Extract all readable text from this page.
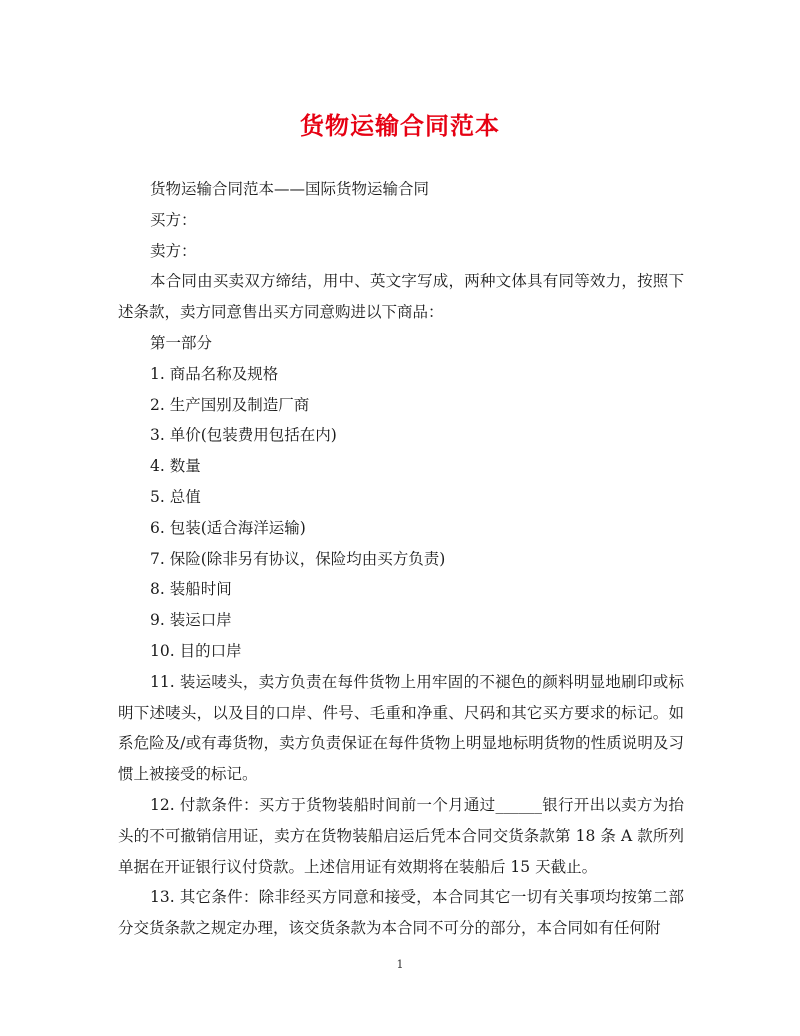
货物运输合同范本

货物运输合同范本——国际货物运输合同

买方：

卖方：

本合同由买卖双方缔结，用中、英文字写成，两种文体具有同等效力，按照下述条款，卖方同意售出买方同意购进以下商品：

第一部分

1. 商品名称及规格

2. 生产国别及制造厂商

3. 单价(包装费用包括在内)

4. 数量

5. 总值

6. 包装(适合海洋运输)

7. 保险(除非另有协议，保险均由买方负责)

8. 装船时间

9. 装运口岸

10. 目的口岸

11. 装运唛头，卖方负责在每件货物上用牢固的不褪色的颜料明显地刷印或标明下述唛头，以及目的口岸、件号、毛重和净重、尺码和其它买方要求的标记。如系危险及/或有毒货物，卖方负责保证在每件货物上明显地标明货物的性质说明及习惯上被接受的标记。

12. 付款条件：买方于货物装船时间前一个月通过______银行开出以卖方为抬头的不可撤销信用证，卖方在货物装船启运后凭本合同交货条款第 18 条 A 款所列单据在开证银行议付贷款。上述信用证有效期将在装船后 15 天截止。

13. 其它条件：除非经买方同意和接受，本合同其它一切有关事项均按第二部分交货条款之规定办理，该交货条款为本合同不可分的部分，本合同如有任何附

1
